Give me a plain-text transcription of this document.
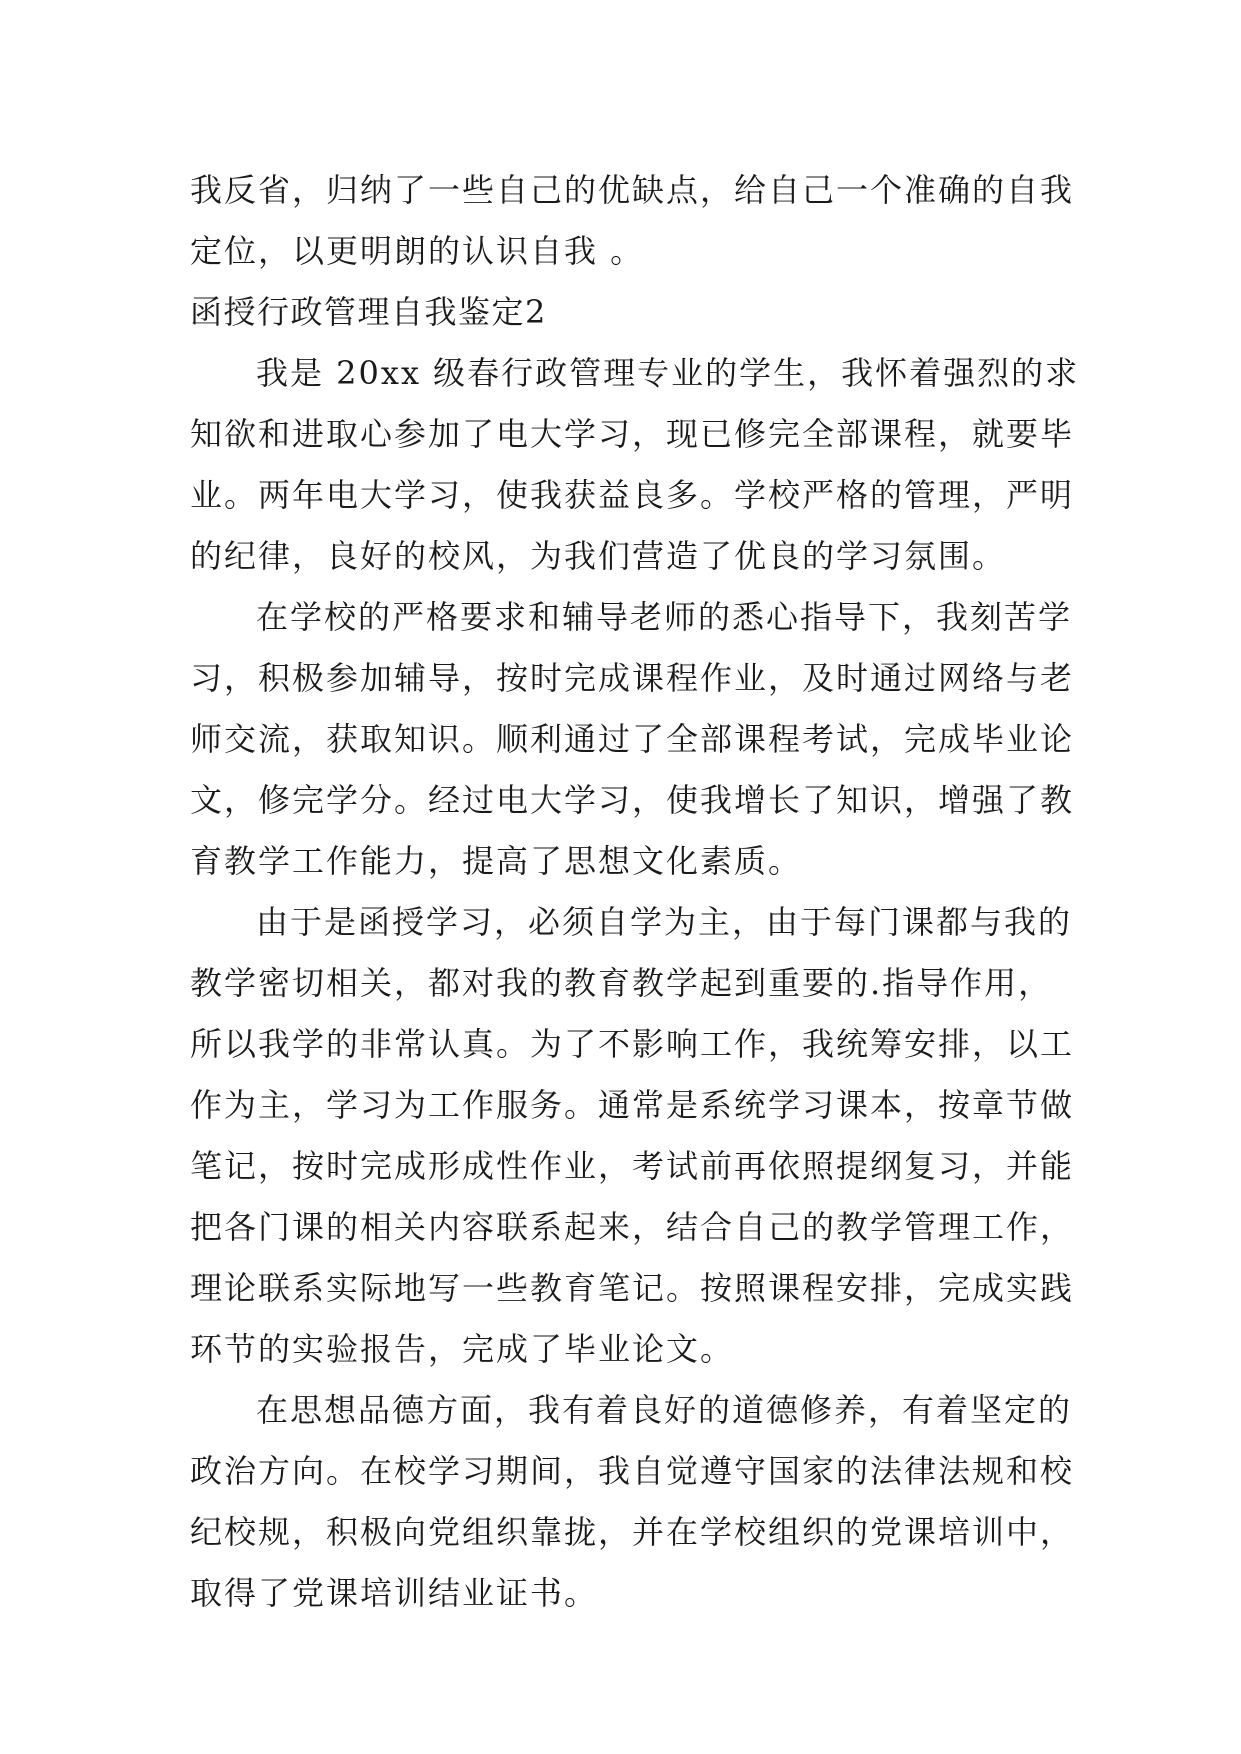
我反省，归纳了一些自己的优缺点，给自己一个准确的自我
定位，以更明朗的认识自我 。
函授行政管理自我鉴定2
我是 20xx 级春行政管理专业的学生，我怀着强烈的求
知欲和进取心参加了电大学习，现已修完全部课程，就要毕
业。两年电大学习，使我获益良多。学校严格的管理，严明
的纪律，良好的校风，为我们营造了优良的学习氛围。
在学校的严格要求和辅导老师的悉心指导下，我刻苦学
习，积极参加辅导，按时完成课程作业，及时通过网络与老
师交流，获取知识。顺利通过了全部课程考试，完成毕业论
文，修完学分。经过电大学习，使我增长了知识，增强了教
育教学工作能力，提高了思想文化素质。
由于是函授学习，必须自学为主，由于每门课都与我的
教学密切相关，都对我的教育教学起到重要的.指导作用，
所以我学的非常认真。为了不影响工作，我统筹安排，以工
作为主，学习为工作服务。通常是系统学习课本，按章节做
笔记，按时完成形成性作业，考试前再依照提纲复习，并能
把各门课的相关内容联系起来，结合自己的教学管理工作，
理论联系实际地写一些教育笔记。按照课程安排，完成实践
环节的实验报告，完成了毕业论文。
在思想品德方面，我有着良好的道德修养，有着坚定的
政治方向。在校学习期间，我自觉遵守国家的法律法规和校
纪校规，积极向党组织靠拢，并在学校组织的党课培训中，
取得了党课培训结业证书。
